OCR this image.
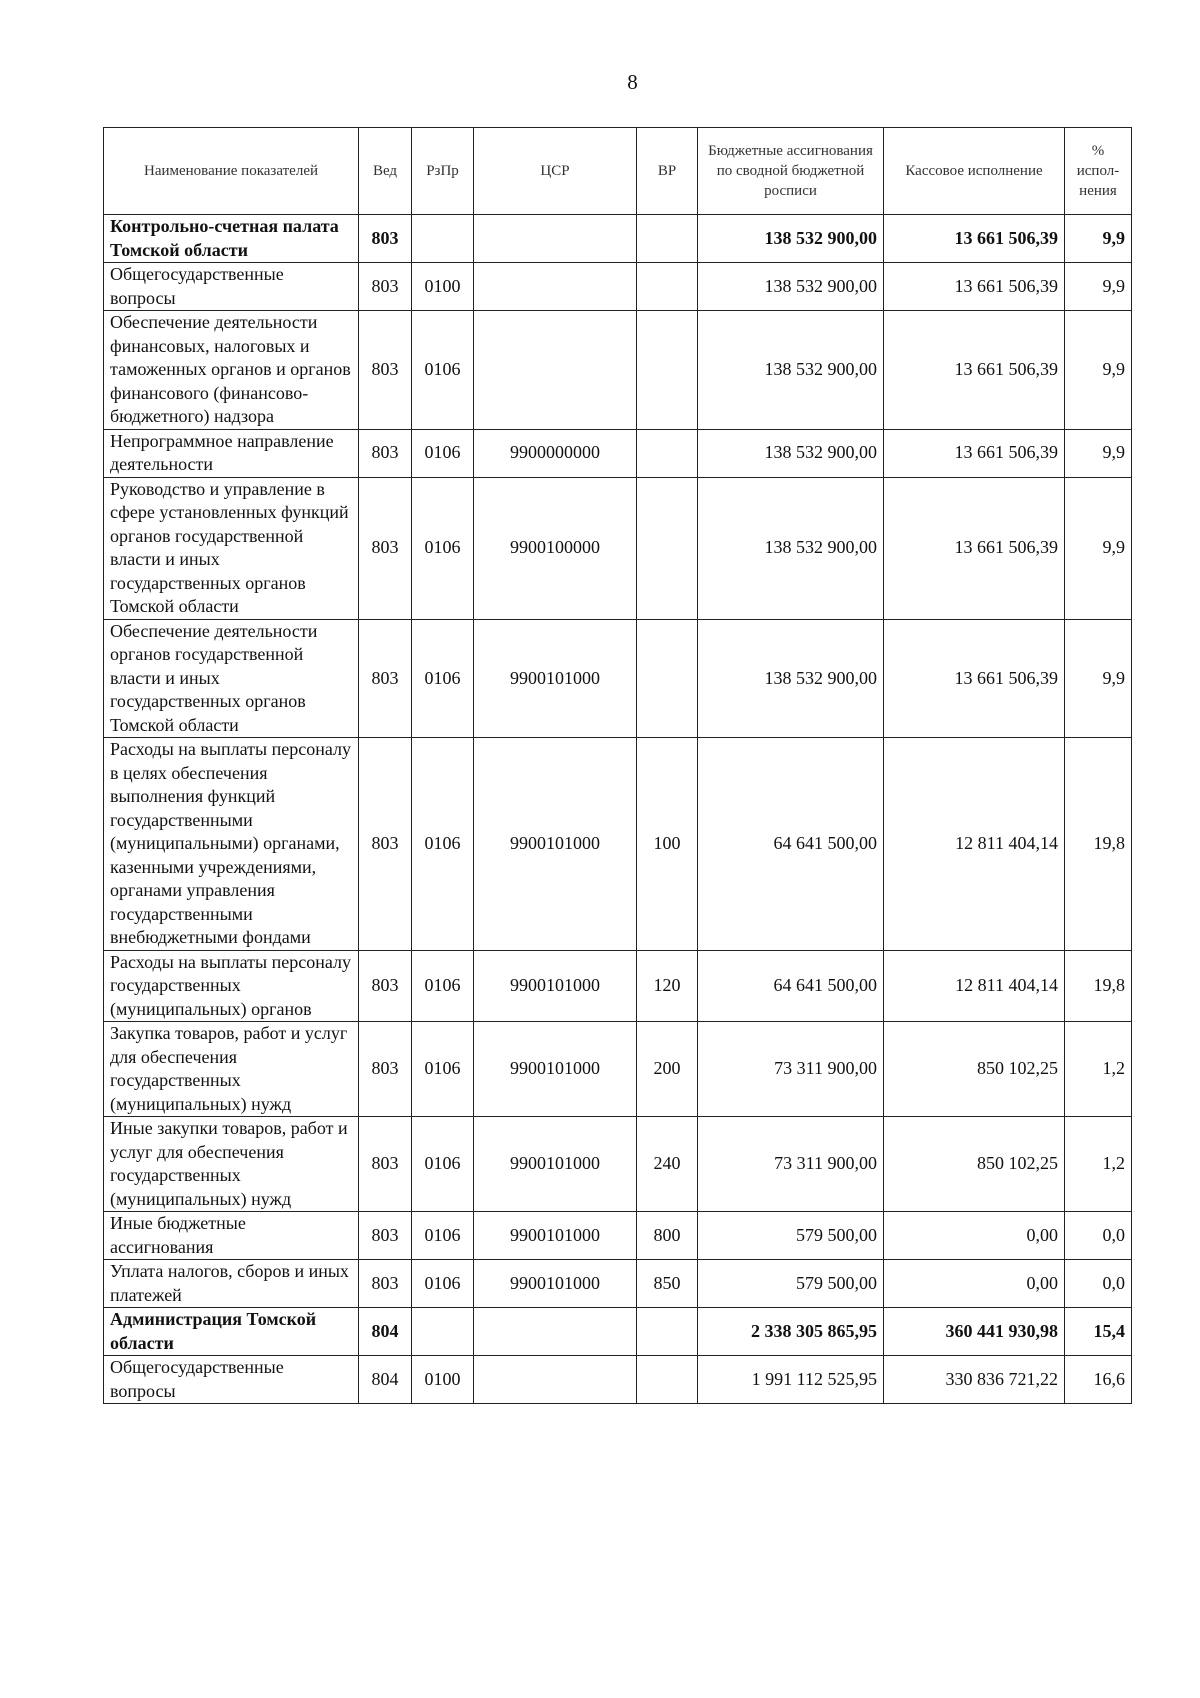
8
Наименование показателей	Вед	РзПр	ЦСР	ВР	Бюджетные ассигнования по сводной бюджетной росписи	Кассовое исполнение	% испол-нения
Контрольно-счетная палата Томской области	803				138 532 900,00	13 661 506,39	9,9
Общегосударственные вопросы	803	0100			138 532 900,00	13 661 506,39	9,9
Обеспечение деятельности финансовых, налоговых и таможенных органов и органов финансового (финансово-бюджетного) надзора	803	0106			138 532 900,00	13 661 506,39	9,9
Непрограммное направление деятельности	803	0106	9900000000		138 532 900,00	13 661 506,39	9,9
Руководство и управление в сфере установленных функций органов государственной власти и иных государственных органов Томской области	803	0106	9900100000		138 532 900,00	13 661 506,39	9,9
Обеспечение деятельности органов государственной власти и иных государственных органов Томской области	803	0106	9900101000		138 532 900,00	13 661 506,39	9,9
Расходы на выплаты персоналу в целях обеспечения выполнения функций государственными (муниципальными) органами, казенными учреждениями, органами управления государственными внебюджетными фондами	803	0106	9900101000	100	64 641 500,00	12 811 404,14	19,8
Расходы на выплаты персоналу государственных (муниципальных) органов	803	0106	9900101000	120	64 641 500,00	12 811 404,14	19,8
Закупка товаров, работ и услуг для обеспечения государственных (муниципальных) нужд	803	0106	9900101000	200	73 311 900,00	850 102,25	1,2
Иные закупки товаров, работ и услуг для обеспечения государственных (муниципальных) нужд	803	0106	9900101000	240	73 311 900,00	850 102,25	1,2
Иные бюджетные ассигнования	803	0106	9900101000	800	579 500,00	0,00	0,0
Уплата налогов, сборов и иных платежей	803	0106	9900101000	850	579 500,00	0,00	0,0
Администрация Томской области	804				2 338 305 865,95	360 441 930,98	15,4
Общегосударственные вопросы	804	0100			1 991 112 525,95	330 836 721,22	16,6
